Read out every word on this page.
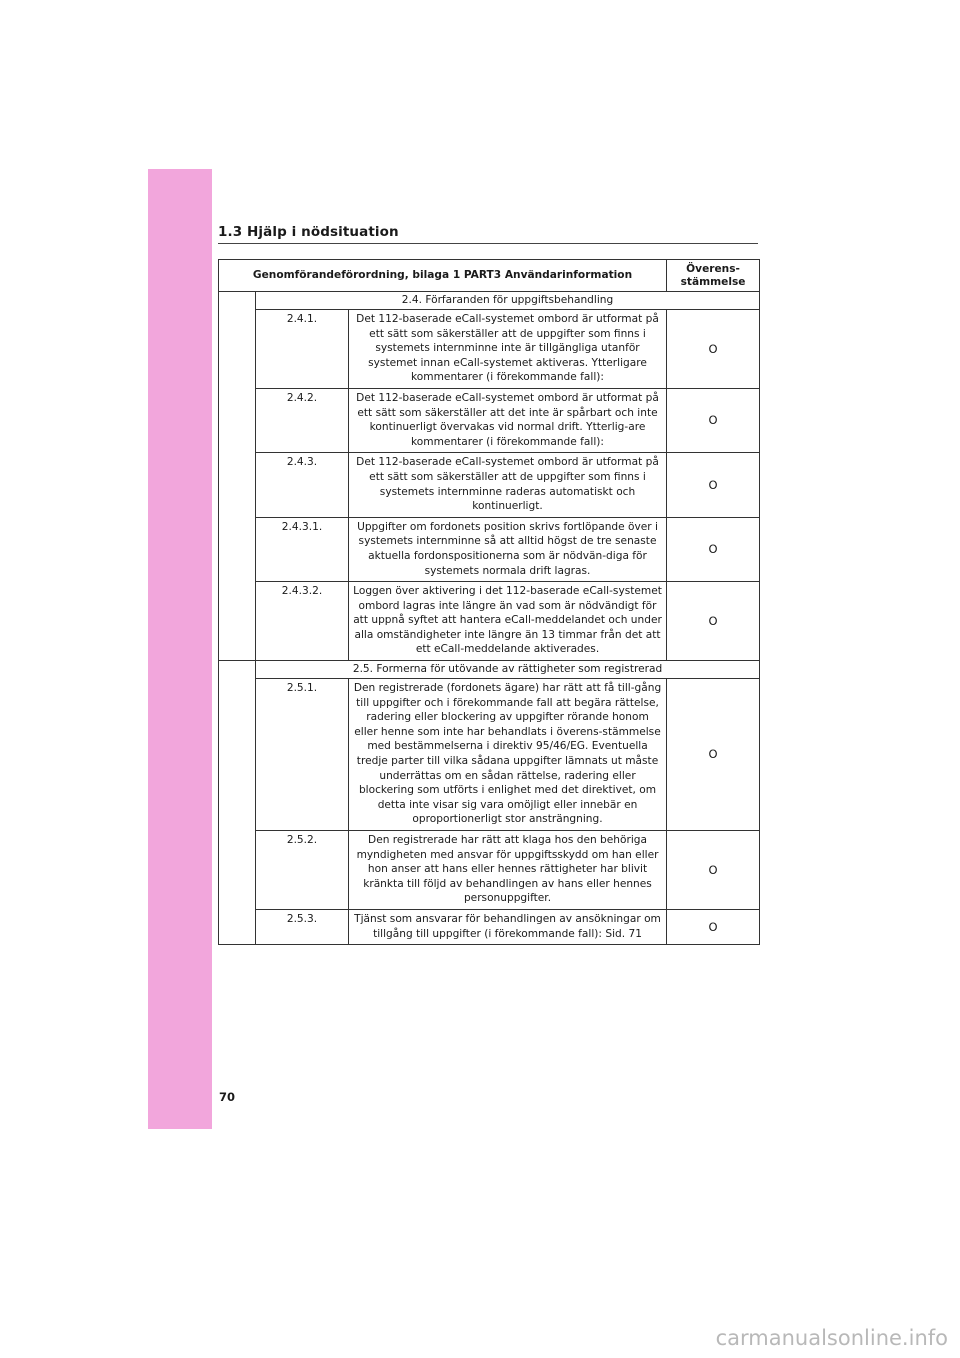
1.3 Hjälp i nödsituation
Genomförandeförordning, bilaga 1 PART3 Användarinformation			Överens-
stämmelse
	2.4. Förfaranden för uppgiftsbehandling		
	2.4.1.	Det 112-baserade eCall-systemet ombord är utformat på ett sätt som säkerställer att de uppgifter som finns i systemets internminne inte är tillgängliga utanför systemet innan eCall-systemet aktiveras. Ytterligare kommentarer (i förekommande fall):	O
	2.4.2.	Det 112-baserade eCall-systemet ombord är utformat på ett sätt som säkerställer att det inte är spårbart och inte kontinuerligt övervakas vid normal drift. Ytterlig-are kommentarer (i förekommande fall):	O
	2.4.3.	Det 112-baserade eCall-systemet ombord är utformat på ett sätt som säkerställer att de uppgifter som finns i systemets internminne raderas automatiskt och kontinuerligt.	O
	2.4.3.1.	Uppgifter om fordonets position skrivs fortlöpande över i systemets internminne så att alltid högst de tre senaste aktuella fordonspositionerna som är nödvän-diga för systemets normala drift lagras.	O
	2.4.3.2.	Loggen över aktivering i det 112-baserade eCall-systemet ombord lagras inte längre än vad som är nödvändigt för att uppnå syftet att hantera eCall-meddelandet och under alla omständigheter inte längre än 13 timmar från det att ett eCall-meddelande aktiverades.	O
	2.5. Formerna för utövande av rättigheter som registrerad		
	2.5.1.	Den registrerade (fordonets ägare) har rätt att få till-gång till uppgifter och i förekommande fall att begära rättelse, radering eller blockering av uppgifter rörande honom eller henne som inte har behandlats i överens-stämmelse med bestämmelserna i direktiv 95/46/EG. Eventuella tredje parter till vilka sådana uppgifter lämnats ut måste underrättas om en sådan rättelse, radering eller blockering som utförts i enlighet med det direktivet, om detta inte visar sig vara omöjligt eller innebär en oproportionerligt stor ansträngning.	O
	2.5.2.	Den registrerade har rätt att klaga hos den behöriga myndigheten med ansvar för uppgiftsskydd om han eller hon anser att hans eller hennes rättigheter har blivit kränkta till följd av behandlingen av hans eller hennes personuppgifter.	O
	2.5.3.	Tjänst som ansvarar för behandlingen av ansökningar om tillgång till uppgifter (i förekommande fall): Sid. 71	O
70
carmanualsonline.info
